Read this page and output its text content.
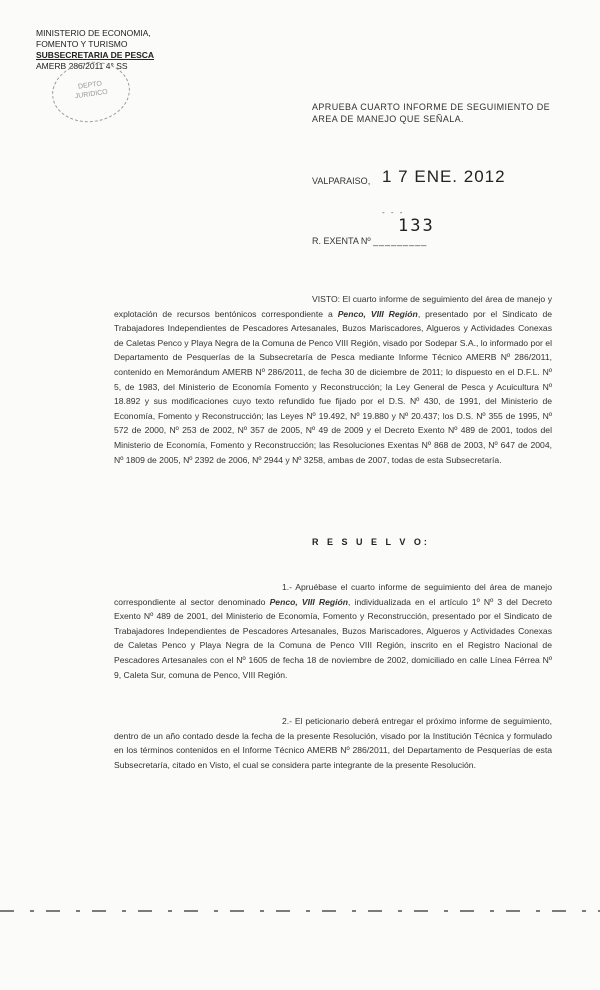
MINISTERIO DE ECONOMIA,
FOMENTO Y TURISMO
SUBSECRETARIA DE PESCA
AMERB 286/2011 4° SS
DEPTO
JURIDICO
APRUEBA CUARTO INFORME DE SEGUIMIENTO DE AREA DE MANEJO QUE SEÑALA.
VALPARAISO, 1 7 ENE. 2012
R. EXENTA Nº _________
- - -
133
VISTO: El cuarto informe de seguimiento del área de manejo y explotación de recursos bentónicos correspondiente a Penco, VIII Región, presentado por el Sindicato de Trabajadores Independientes de Pescadores Artesanales, Buzos Mariscadores, Algueros y Actividades Conexas de Caletas Penco y Playa Negra de la Comuna de Penco VIII Región, visado por Sodepar S.A., lo informado por el Departamento de Pesquerías de la Subsecretaría de Pesca mediante Informe Técnico AMERB Nº 286/2011, contenido en Memorándum AMERB Nº 286/2011, de fecha 30 de diciembre de 2011; lo dispuesto en el D.F.L. Nº 5, de 1983, del Ministerio de Economía Fomento y Reconstrucción; la Ley General de Pesca y Acuicultura Nº 18.892 y sus modificaciones cuyo texto refundido fue fijado por el D.S. Nº 430, de 1991, del Ministerio de Economía, Fomento y Reconstrucción; las Leyes Nº 19.492, Nº 19.880 y Nº 20.437; los D.S. Nº 355 de 1995, Nº 572 de 2000, Nº 253 de 2002, Nº 357 de 2005, Nº 49 de 2009 y el Decreto Exento Nº 489 de 2001, todos del Ministerio de Economía, Fomento y Reconstrucción; las Resoluciones Exentas Nº 868 de 2003, Nº 647 de 2004, Nº 1809 de 2005, Nº 2392 de 2006, Nº 2944 y Nº 3258, ambas de 2007, todas de esta Subsecretaría.
R E S U E L V O:
1.- Apruébase el cuarto informe de seguimiento del área de manejo correspondiente al sector denominado Penco, VIII Región, individualizada en el artículo 1º Nº 3 del Decreto Exento Nº 489 de 2001, del Ministerio de Economía, Fomento y Reconstrucción, presentado por el Sindicato de Trabajadores Independientes de Pescadores Artesanales, Buzos Mariscadores, Algueros y Actividades Conexas de Caletas Penco y Playa Negra de la Comuna de Penco VIII Región, inscrito en el Registro Nacional de Pescadores Artesanales con el Nº 1605 de fecha 18 de noviembre de 2002, domiciliado en calle Línea Férrea Nº 9, Caleta Sur, comuna de Penco, VIII Región.
2.- El peticionario deberá entregar el próximo informe de seguimiento, dentro de un año contado desde la fecha de la presente Resolución, visado por la Institución Técnica y formulado en los términos contenidos en el Informe Técnico AMERB Nº 286/2011, del Departamento de Pesquerías de esta Subsecretaría, citado en Visto, el cual se considera parte integrante de la presente Resolución.
